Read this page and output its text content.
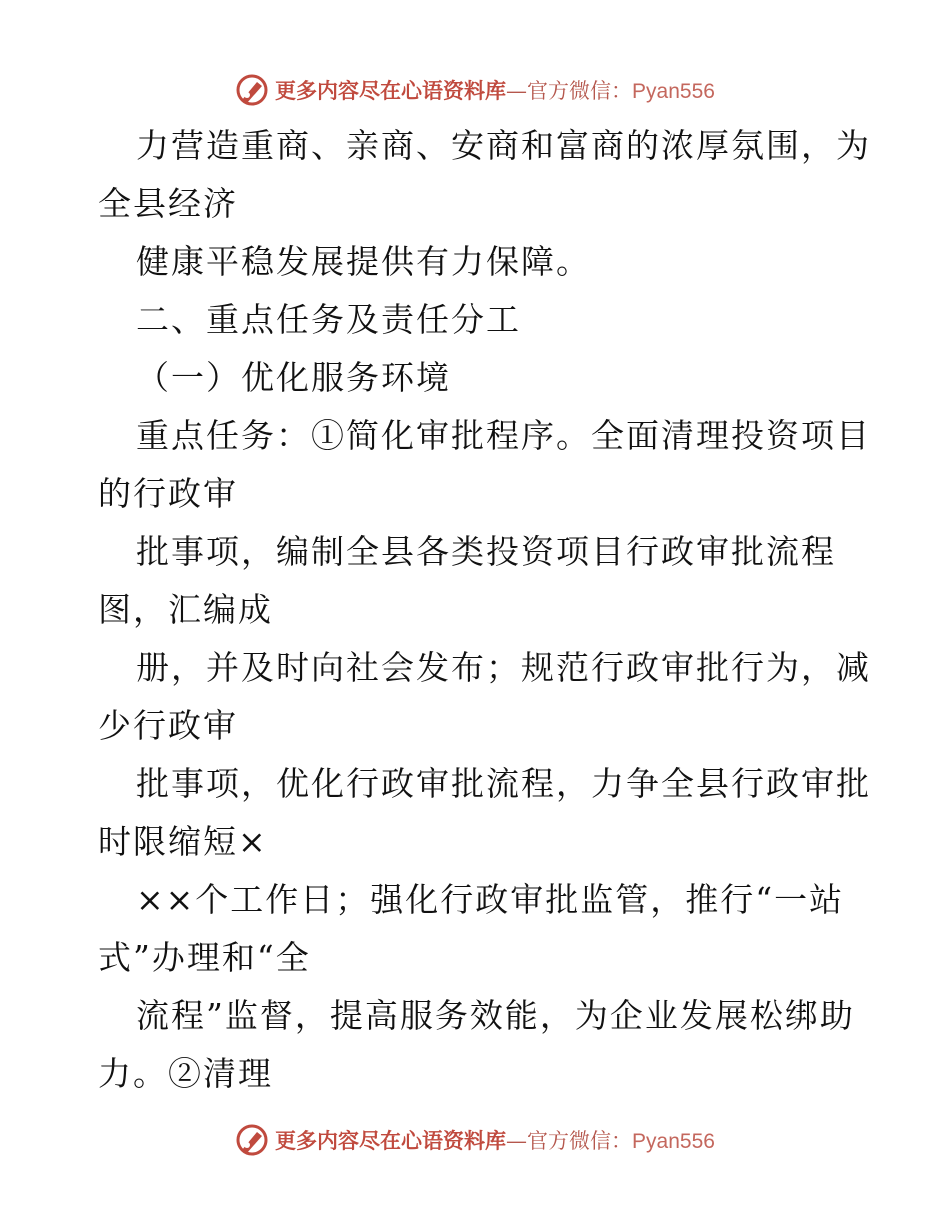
更多内容尽在心语资料库—官方微信：Pyan556
力营造重商、亲商、安商和富商的浓厚氛围，为
全县经济
健康平稳发展提供有力保障。
二、重点任务及责任分工
（一）优化服务环境
重点任务：①简化审批程序。全面清理投资项目
的行政审
批事项，编制全县各类投资项目行政审批流程
图，汇编成
册，并及时向社会发布；规范行政审批行为，减
少行政审
批事项，优化行政审批流程，力争全县行政审批
时限缩短×
××个工作日；强化行政审批监管，推行“一站
式”办理和“全
流程”监督，提高服务效能，为企业发展松绑助
力。②清理
更多内容尽在心语资料库—官方微信：Pyan556
